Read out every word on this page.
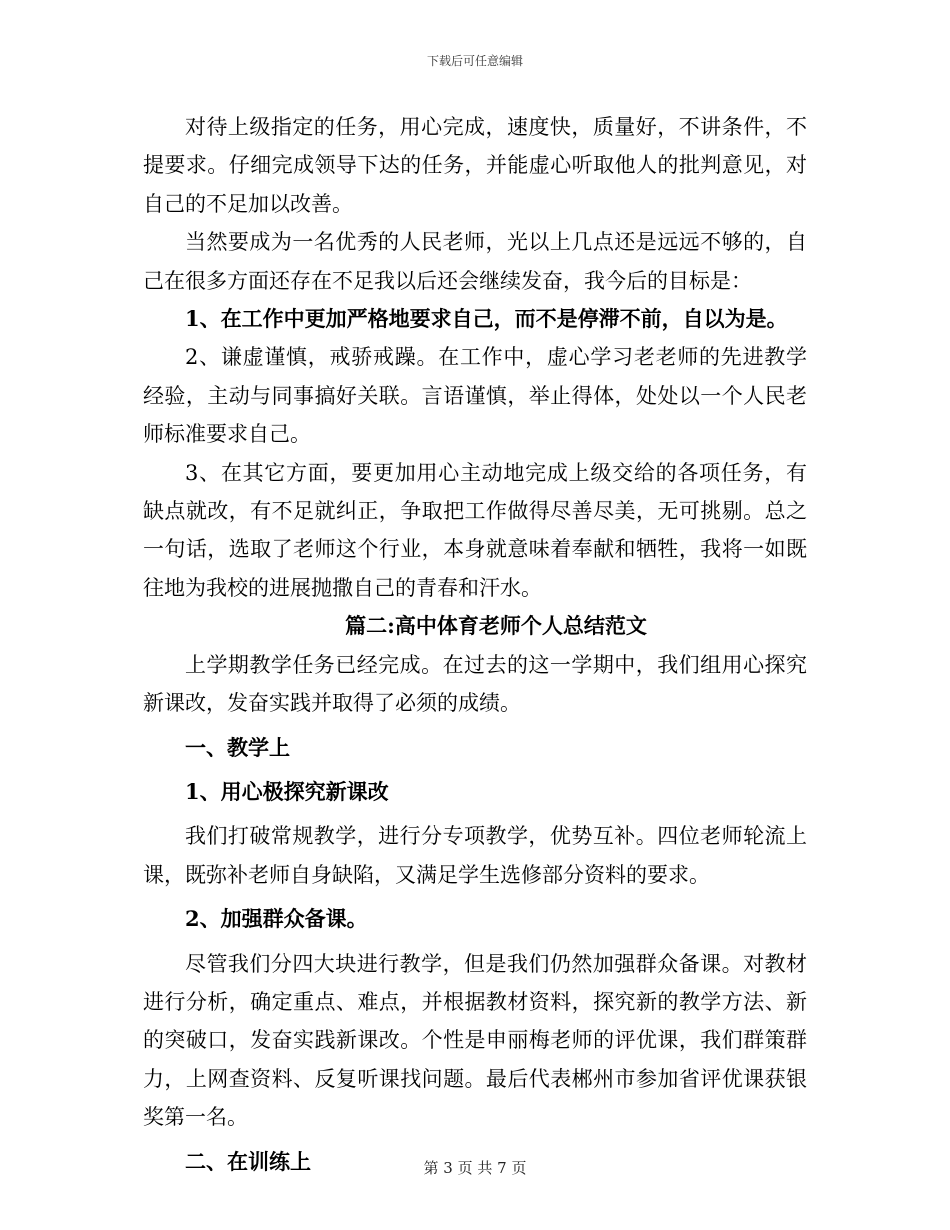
下载后可任意编辑

对待上级指定的任务，用心完成，速度快，质量好，不讲条件，不提要求。仔细完成领导下达的任务，并能虚心听取他人的批判意见，对自己的不足加以改善。

当然要成为一名优秀的人民老师，光以上几点还是远远不够的，自己在很多方面还存在不足我以后还会继续发奋，我今后的目标是：

1、在工作中更加严格地要求自己，而不是停滞不前，自以为是。

2、谦虚谨慎，戒骄戒躁。在工作中，虚心学习老老师的先进教学经验，主动与同事搞好关联。言语谨慎，举止得体，处处以一个人民老师标准要求自己。

3、在其它方面，要更加用心主动地完成上级交给的各项任务，有缺点就改，有不足就纠正，争取把工作做得尽善尽美，无可挑剔。总之一句话，选取了老师这个行业，本身就意味着奉献和牺牲，我将一如既往地为我校的进展抛撒自己的青春和汗水。

篇二:高中体育老师个人总结范文

上学期教学任务已经完成。在过去的这一学期中，我们组用心探究新课改，发奋实践并取得了必须的成绩。

一、教学上

1、用心极探究新课改

我们打破常规教学，进行分专项教学，优势互补。四位老师轮流上课，既弥补老师自身缺陷，又满足学生选修部分资料的要求。

2、加强群众备课。

尽管我们分四大块进行教学，但是我们仍然加强群众备课。对教材进行分析，确定重点、难点，并根据教材资料，探究新的教学方法、新的突破口，发奋实践新课改。个性是申丽梅老师的评优课，我们群策群力，上网查资料、反复听课找问题。最后代表郴州市参加省评优课获银奖第一名。

二、在训练上	第 3 页 共 7 页
